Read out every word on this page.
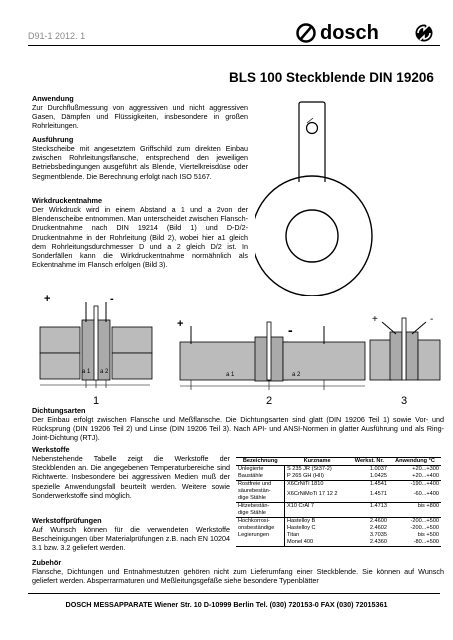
D91-1 2012. 1	dosch
BLS 100 Steckblende DIN 19206

Anwendung

Zur Durchflußmessung von aggressiven und nicht aggressiven Gasen, Dämpfen und Flüssigkeiten, insbesondere in großen Rohrleitungen.

Ausführung

Steckscheibe mit angesetztem Griffschild zum direkten Einbau zwischen Rohrleitungsflansche, entsprechend den jeweiligen Betriebsbedingungen ausgeführt als Blende, Viertelkreisdüse oder Segmentblende. Die Berechnung erfolgt nach ISO 5167.

Wirkdruckentnahme

Der Wirkdruck wird in einem Abstand a 1 und a 2von der Blendenscheibe entnommen. Man unterscheidet zwischen Flansch-Druckentnahme nach DIN 19214 (Bild 1) und D-D/2-Druckentnahme in der Rohrleitung (Bild 2), wobei hier a1 gleich dem Rohrleitungsdurchmesser D und a 2 gleich D/2 ist. In Sonderfällen kann die Wirkdruckentnahme normähnlich als Eckentnahme im Flansch erfolgen (Bild 3).

+	-
+	-
+	-
a 1 a 2	a 1	a 2
1	2	3

Dichtungsarten

Der Einbau erfolgt zwischen Flansche und Meßflansche. Die Dichtungsarten sind glatt (DIN 19206 Teil 1) sowie Vor- und Rücksprung (DIN 19206 Teil 2) und Linse (DIN 19206 Teil 3). Nach API- und ANSI-Normen in glatter Ausführung und als Ring-Joint-Dichtung (RTJ).

Werkstoffe

Nebenstehende Tabelle zeigt die Werkstoffe der Steckblenden an. Die angegebenen Temperaturbereiche sind Richtwerte. Insbesondere bei aggressiven Medien muß der spezielle Anwendungsfall beurteilt werden. Weitere sowie Sonderwerkstoffe sind möglich.

Werkstoffprüfungen

Auf Wunsch können für die verwendeten Werkstoffe Bescheinigungen über Materialprüfungen z.B. nach EN 10204 3.1 bzw. 3.2 geliefert werden.

Bezeichnung	Kurzname	Werkst. Nr.	Anwendung °C

Unlegierte
Baustähle	S 235 JR (St37-2)	1.0037	+20...+300
	P 265 GH (HII)	1.0425	+20...+400

Rostfreie und
säurebestän-
dige Stähle			

	X6CrNiTi 1810	1.4541	-190...+400
	X6CrNiMoTi 17 12 2	1.4571	-60...+400

Hitzebestän-
dige Stähle	X10 CrAl 7	1.4713	bis +800

Hochkorrosi-
onsbeständige
Legierungen	Hastelloy B	2.4600	-200...+500
	Hastelloy C	2.4602	-200...+500
	Titan	3.7035	bis +500
	Monel 400	2.4360	-80...+500

Zubehör

Flansche, Dichtungen und Entnahmestutzen gehören nicht zum Lieferumfang einer Steckblende. Sie können auf Wunsch geliefert werden. Absperrarmaturen und Meßleitungsgefäße siehe besondere Typenblätter

DOSCH MESSAPPARATE Wiener Str. 10 D-10999 Berlin Tel. (030) 720153-0 FAX (030) 72015361
